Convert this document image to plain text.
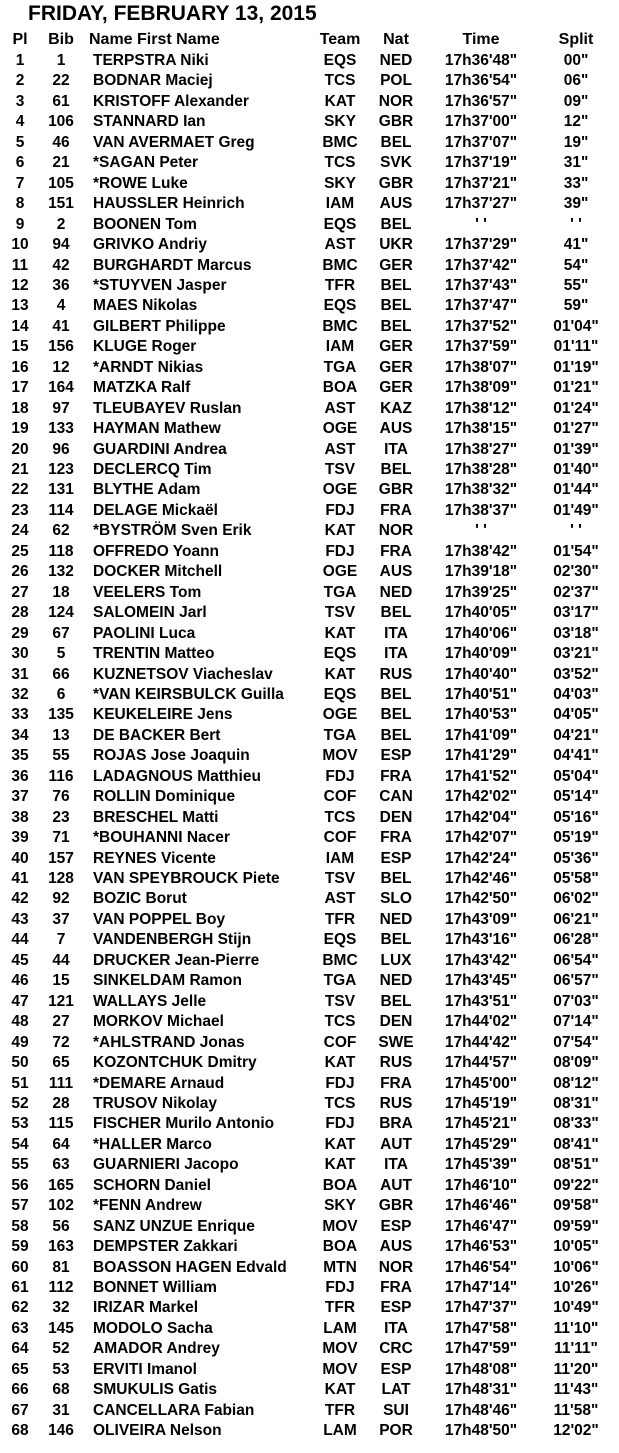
FRIDAY, FEBRUARY 13, 2015
Pl	Bib Name First Name	Team	Nat	Time	Split
1	1	TERPSTRA Niki	EQS	NED	17h36'48"	00"
2	22	BODNAR Maciej	TCS	POL	17h36'54"	06"
3	61	KRISTOFF Alexander	KAT	NOR	17h36'57"	09"
4	106	STANNARD Ian	SKY	GBR	17h37'00"	12"
5	46	VAN AVERMAET Greg	BMC	BEL	17h37'07"	19"
6	21	*SAGAN Peter	TCS	SVK	17h37'19"	31"
7	105	*ROWE Luke	SKY	GBR	17h37'21"	33"
8	151	HAUSSLER Heinrich	IAM	AUS	17h37'27"	39"
9	2	BOONEN Tom	EQS	BEL	' '	' '
10	94	GRIVKO Andriy	AST	UKR	17h37'29"	41"
11	42	BURGHARDT Marcus	BMC	GER	17h37'42"	54"
12	36	*STUYVEN Jasper	TFR	BEL	17h37'43"	55"
13	4	MAES Nikolas	EQS	BEL	17h37'47"	59"
14	41	GILBERT Philippe	BMC	BEL	17h37'52"	01'04"
15	156	KLUGE Roger	IAM	GER	17h37'59"	01'11"
16	12	*ARNDT Nikias	TGA	GER	17h38'07"	01'19"
17	164	MATZKA Ralf	BOA	GER	17h38'09"	01'21"
18	97	TLEUBAYEV Ruslan	AST	KAZ	17h38'12"	01'24"
19	133	HAYMAN Mathew	OGE	AUS	17h38'15"	01'27"
20	96	GUARDINI Andrea	AST	ITA	17h38'27"	01'39"
21	123	DECLERCQ Tim	TSV	BEL	17h38'28"	01'40"
22	131	BLYTHE Adam	OGE	GBR	17h38'32"	01'44"
23	114	DELAGE Mickaël	FDJ	FRA	17h38'37"	01'49"
24	62	*BYSTRÖM Sven Erik	KAT	NOR	' '	' '
25	118	OFFREDO Yoann	FDJ	FRA	17h38'42"	01'54"
26	132	DOCKER Mitchell	OGE	AUS	17h39'18"	02'30"
27	18	VEELERS Tom	TGA	NED	17h39'25"	02'37"
28	124	SALOMEIN Jarl	TSV	BEL	17h40'05"	03'17"
29	67	PAOLINI Luca	KAT	ITA	17h40'06"	03'18"
30	5	TRENTIN Matteo	EQS	ITA	17h40'09"	03'21"
31	66	KUZNETSOV Viacheslav	KAT	RUS	17h40'40"	03'52"
32	6	*VAN KEIRSBULCK Guilla	EQS	BEL	17h40'51"	04'03"
33	135	KEUKELEIRE Jens	OGE	BEL	17h40'53"	04'05"
34	13	DE BACKER Bert	TGA	BEL	17h41'09"	04'21"
35	55	ROJAS Jose Joaquin	MOV	ESP	17h41'29"	04'41"
36	116	LADAGNOUS Matthieu	FDJ	FRA	17h41'52"	05'04"
37	76	ROLLIN Dominique	COF	CAN	17h42'02"	05'14"
38	23	BRESCHEL Matti	TCS	DEN	17h42'04"	05'16"
39	71	*BOUHANNI Nacer	COF	FRA	17h42'07"	05'19"
40	157	REYNES Vicente	IAM	ESP	17h42'24"	05'36"
41	128	VAN SPEYBROUCK Piete	TSV	BEL	17h42'46"	05'58"
42	92	BOZIC Borut	AST	SLO	17h42'50"	06'02"
43	37	VAN POPPEL Boy	TFR	NED	17h43'09"	06'21"
44	7	VANDENBERGH Stijn	EQS	BEL	17h43'16"	06'28"
45	44	DRUCKER Jean-Pierre	BMC	LUX	17h43'42"	06'54"
46	15	SINKELDAM Ramon	TGA	NED	17h43'45"	06'57"
47	121	WALLAYS Jelle	TSV	BEL	17h43'51"	07'03"
48	27	MORKOV Michael	TCS	DEN	17h44'02"	07'14"
49	72	*AHLSTRAND Jonas	COF	SWE	17h44'42"	07'54"
50	65	KOZONTCHUK Dmitry	KAT	RUS	17h44'57"	08'09"
51	111	*DEMARE Arnaud	FDJ	FRA	17h45'00"	08'12"
52	28	TRUSOV Nikolay	TCS	RUS	17h45'19"	08'31"
53	115	FISCHER Murilo Antonio	FDJ	BRA	17h45'21"	08'33"
54	64	*HALLER Marco	KAT	AUT	17h45'29"	08'41"
55	63	GUARNIERI Jacopo	KAT	ITA	17h45'39"	08'51"
56	165	SCHORN Daniel	BOA	AUT	17h46'10"	09'22"
57	102	*FENN Andrew	SKY	GBR	17h46'46"	09'58"
58	56	SANZ UNZUE Enrique	MOV	ESP	17h46'47"	09'59"
59	163	DEMPSTER Zakkari	BOA	AUS	17h46'53"	10'05"
60	81	BOASSON HAGEN Edvald	MTN	NOR	17h46'54"	10'06"
61	112	BONNET William	FDJ	FRA	17h47'14"	10'26"
62	32	IRIZAR Markel	TFR	ESP	17h47'37"	10'49"
63	145	MODOLO Sacha	LAM	ITA	17h47'58"	11'10"
64	52	AMADOR Andrey	MOV	CRC	17h47'59"	11'11"
65	53	ERVITI Imanol	MOV	ESP	17h48'08"	11'20"
66	68	SMUKULIS Gatis	KAT	LAT	17h48'31"	11'43"
67	31	CANCELLARA Fabian	TFR	SUI	17h48'46"	11'58"
68	146	OLIVEIRA Nelson	LAM	POR	17h48'50"	12'02"
